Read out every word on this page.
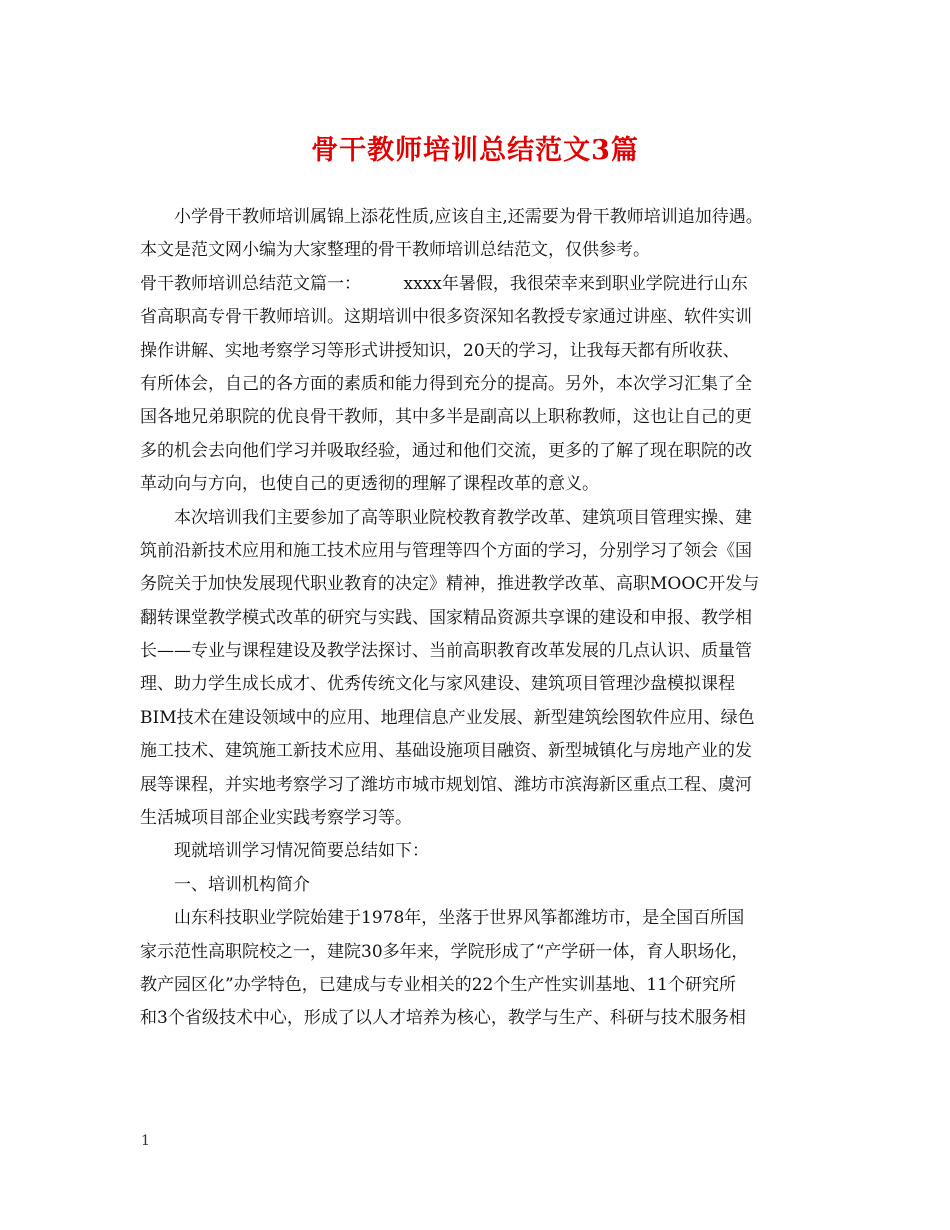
骨干教师培训总结范文3篇
小学骨干教师培训属锦上添花性质,应该自主,还需要为骨干教师培训追加待遇。
本文是范文网小编为大家整理的骨干教师培训总结范文，仅供参考。
骨干教师培训总结范文篇一：　　　xxxx年暑假，我很荣幸来到职业学院进行山东
省高职高专骨干教师培训。这期培训中很多资深知名教授专家通过讲座、软件实训
操作讲解、实地考察学习等形式讲授知识，20天的学习，让我每天都有所收获、
有所体会，自己的各方面的素质和能力得到充分的提高。另外，本次学习汇集了全
国各地兄弟职院的优良骨干教师，其中多半是副高以上职称教师，这也让自己的更
多的机会去向他们学习并吸取经验，通过和他们交流，更多的了解了现在职院的改
革动向与方向，也使自己的更透彻的理解了课程改革的意义。
本次培训我们主要参加了高等职业院校教育教学改革、建筑项目管理实操、建
筑前沿新技术应用和施工技术应用与管理等四个方面的学习，分别学习了领会《国
务院关于加快发展现代职业教育的决定》精神，推进教学改革、高职MOOC开发与
翻转课堂教学模式改革的研究与实践、国家精品资源共享课的建设和申报、教学相
长——专业与课程建设及教学法探讨、当前高职教育改革发展的几点认识、质量管
理、助力学生成长成才、优秀传统文化与家风建设、建筑项目管理沙盘模拟课程
BIM技术在建设领域中的应用、地理信息产业发展、新型建筑绘图软件应用、绿色
施工技术、建筑施工新技术应用、基础设施项目融资、新型城镇化与房地产业的发
展等课程，并实地考察学习了潍坊市城市规划馆、潍坊市滨海新区重点工程、虞河
生活城项目部企业实践考察学习等。
现就培训学习情况简要总结如下：
一、培训机构简介
山东科技职业学院始建于1978年，坐落于世界风筝都潍坊市，是全国百所国
家示范性高职院校之一，建院30多年来，学院形成了“产学研一体，育人职场化，
教产园区化”办学特色，已建成与专业相关的22个生产性实训基地、11个研究所
和3个省级技术中心，形成了以人才培养为核心，教学与生产、科研与技术服务相
1
